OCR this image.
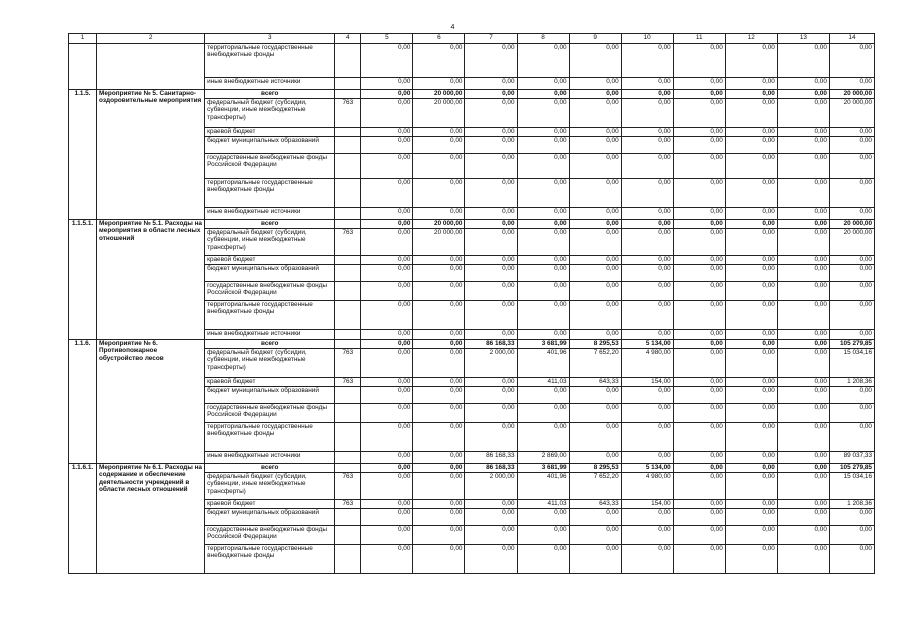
4
1	2	3	4	5	6	7	8	9	10	11	12	13	14
		территориальные государственные внебюджетные фонды		0,00	0,00	0,00	0,00	0,00	0,00	0,00	0,00	0,00	0,00
		иные внебюджетные источники		0,00	0,00	0,00	0,00	0,00	0,00	0,00	0,00	0,00	0,00
1.1.5.	Мероприятие № 5. Санитарно-оздоровительные мероприятия	всего		0,00	20 000,00	0,00	0,00	0,00	0,00	0,00	0,00	0,00	20 000,00
		федеральный бюджет (субсидии, субвенции, иные межбюджетные трансферты)	763	0,00	20 000,00	0,00	0,00	0,00	0,00	0,00	0,00	0,00	20 000,00
		краевой бюджет		0,00	0,00	0,00	0,00	0,00	0,00	0,00	0,00	0,00	0,00
		бюджет муниципальных образований		0,00	0,00	0,00	0,00	0,00	0,00	0,00	0,00	0,00	0,00
		государственные внебюджетные фонды Российской Федерации		0,00	0,00	0,00	0,00	0,00	0,00	0,00	0,00	0,00	0,00
		территориальные государственные внебюджетные фонды		0,00	0,00	0,00	0,00	0,00	0,00	0,00	0,00	0,00	0,00
		иные внебюджетные источники		0,00	0,00	0,00	0,00	0,00	0,00	0,00	0,00	0,00	0,00
1.1.5.1.	Мероприятие № 5.1. Расходы на мероприятия в области лесных отношений	всего		0,00	20 000,00	0,00	0,00	0,00	0,00	0,00	0,00	0,00	20 000,00
		федеральный бюджет (субсидии, субвенции, иные межбюджетные трансферты)	763	0,00	20 000,00	0,00	0,00	0,00	0,00	0,00	0,00	0,00	20 000,00
		краевой бюджет		0,00	0,00	0,00	0,00	0,00	0,00	0,00	0,00	0,00	0,00
		бюджет муниципальных образований		0,00	0,00	0,00	0,00	0,00	0,00	0,00	0,00	0,00	0,00
		государственные внебюджетные фонды Российской Федерации		0,00	0,00	0,00	0,00	0,00	0,00	0,00	0,00	0,00	0,00
		территориальные государственные внебюджетные фонды		0,00	0,00	0,00	0,00	0,00	0,00	0,00	0,00	0,00	0,00
		иные внебюджетные источники		0,00	0,00	0,00	0,00	0,00	0,00	0,00	0,00	0,00	0,00
1.1.6.	Мероприятие № 6. Противопожарное обустройство лесов	всего		0,00	0,00	86 168,33	3 681,99	8 295,53	5 134,00	0,00	0,00	0,00	105 279,85
		федеральный бюджет (субсидии, субвенции, иные межбюджетные трансферты)	763	0,00	0,00	2 000,00	401,96	7 652,20	4 980,00	0,00	0,00	0,00	15 034,16
		краевой бюджет	763	0,00	0,00	0,00	411,03	643,33	154,00	0,00	0,00	0,00	1 208,36
		бюджет муниципальных образований		0,00	0,00	0,00	0,00	0,00	0,00	0,00	0,00	0,00	0,00
		государственные внебюджетные фонды Российской Федерации		0,00	0,00	0,00	0,00	0,00	0,00	0,00	0,00	0,00	0,00
		территориальные государственные внебюджетные фонды		0,00	0,00	0,00	0,00	0,00	0,00	0,00	0,00	0,00	0,00
		иные внебюджетные источники		0,00	0,00	86 168,33	2 869,00	0,00	0,00	0,00	0,00	0,00	89 037,33
1.1.6.1.	Мероприятие № 6.1. Расходы на содержание и обеспечение деятельности учреждений в области лесных отношений	всего		0,00	0,00	86 168,33	3 681,99	8 295,53	5 134,00	0,00	0,00	0,00	105 279,85
		федеральный бюджет (субсидии, субвенции, иные межбюджетные трансферты)	763	0,00	0,00	2 000,00	401,96	7 652,20	4 980,00	0,00	0,00	0,00	15 034,16
		краевой бюджет	763	0,00	0,00	0,00	411,03	643,33	154,00	0,00	0,00	0,00	1 208,36
		бюджет муниципальных образований		0,00	0,00	0,00	0,00	0,00	0,00	0,00	0,00	0,00	0,00
		государственные внебюджетные фонды Российской Федерации		0,00	0,00	0,00	0,00	0,00	0,00	0,00	0,00	0,00	0,00
		территориальные государственные внебюджетные фонды		0,00	0,00	0,00	0,00	0,00	0,00	0,00	0,00	0,00	0,00
